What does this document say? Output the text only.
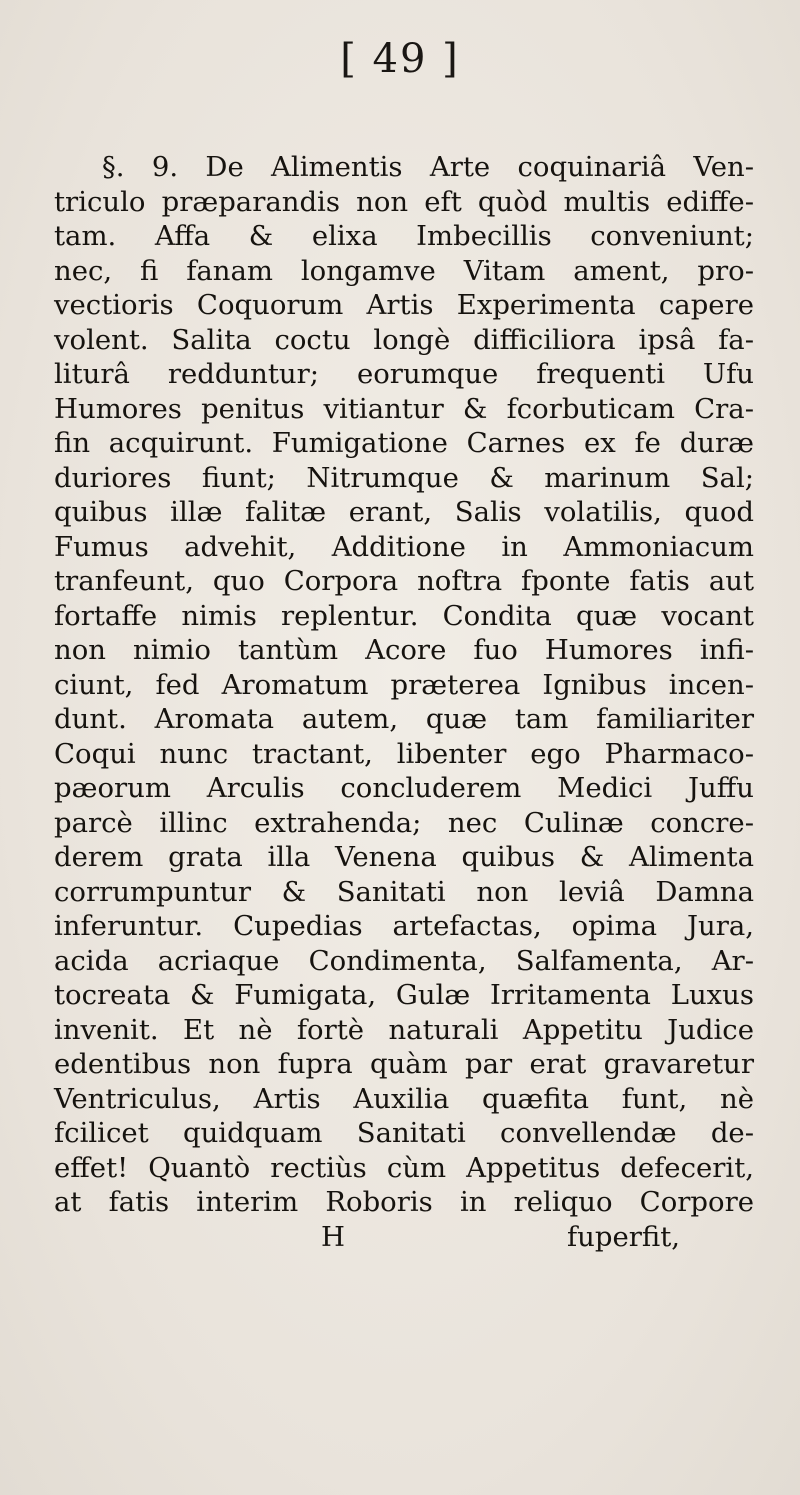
[ 49 ]
§. 9. De Alimentis Arte coquinariâ Ven-
triculo præparandis non eft quòd multis ediffe-
tam. Affa & elixa Imbecillis conveniunt;
nec, fi fanam longamve Vitam ament, pro-
vectioris Coquorum Artis Experimenta capere
volent. Salita coctu longè difficiliora ipsâ fa-
liturâ redduntur; eorumque frequenti Ufu
Humores penitus vitiantur & fcorbuticam Cra-
fin acquirunt. Fumigatione Carnes ex fe duræ
duriores fiunt; Nitrumque & marinum Sal;
quibus illæ falitæ erant, Salis volatilis, quod
Fumus advehit, Additione in Ammoniacum
tranfeunt, quo Corpora noftra fponte fatis aut
fortaffe nimis replentur. Condita quæ vocant
non nimio tantùm Acore fuo Humores infi-
ciunt, fed Aromatum præterea Ignibus incen-
dunt. Aromata autem, quæ tam familiariter
Coqui nunc tractant, libenter ego Pharmaco-
pæorum Arculis concluderem Medici Juffu
parcè illinc extrahenda; nec Culinæ concre-
derem grata illa Venena quibus & Alimenta
corrumpuntur & Sanitati non leviâ Damna
inferuntur. Cupedias artefactas, opima Jura,
acida acriaque Condimenta, Salfamenta, Ar-
tocreata & Fumigata, Gulæ Irritamenta Luxus
invenit. Et nè fortè naturali Appetitu Judice
edentibus non fupra quàm par erat gravaretur
Ventriculus, Artis Auxilia quæfita funt, nè
fcilicet quidquam Sanitati convellendæ de-
effet! Quantò rectiùs cùm Appetitus defecerit,
at fatis interim Roboris in reliquo Corpore
H	fuperfit,
